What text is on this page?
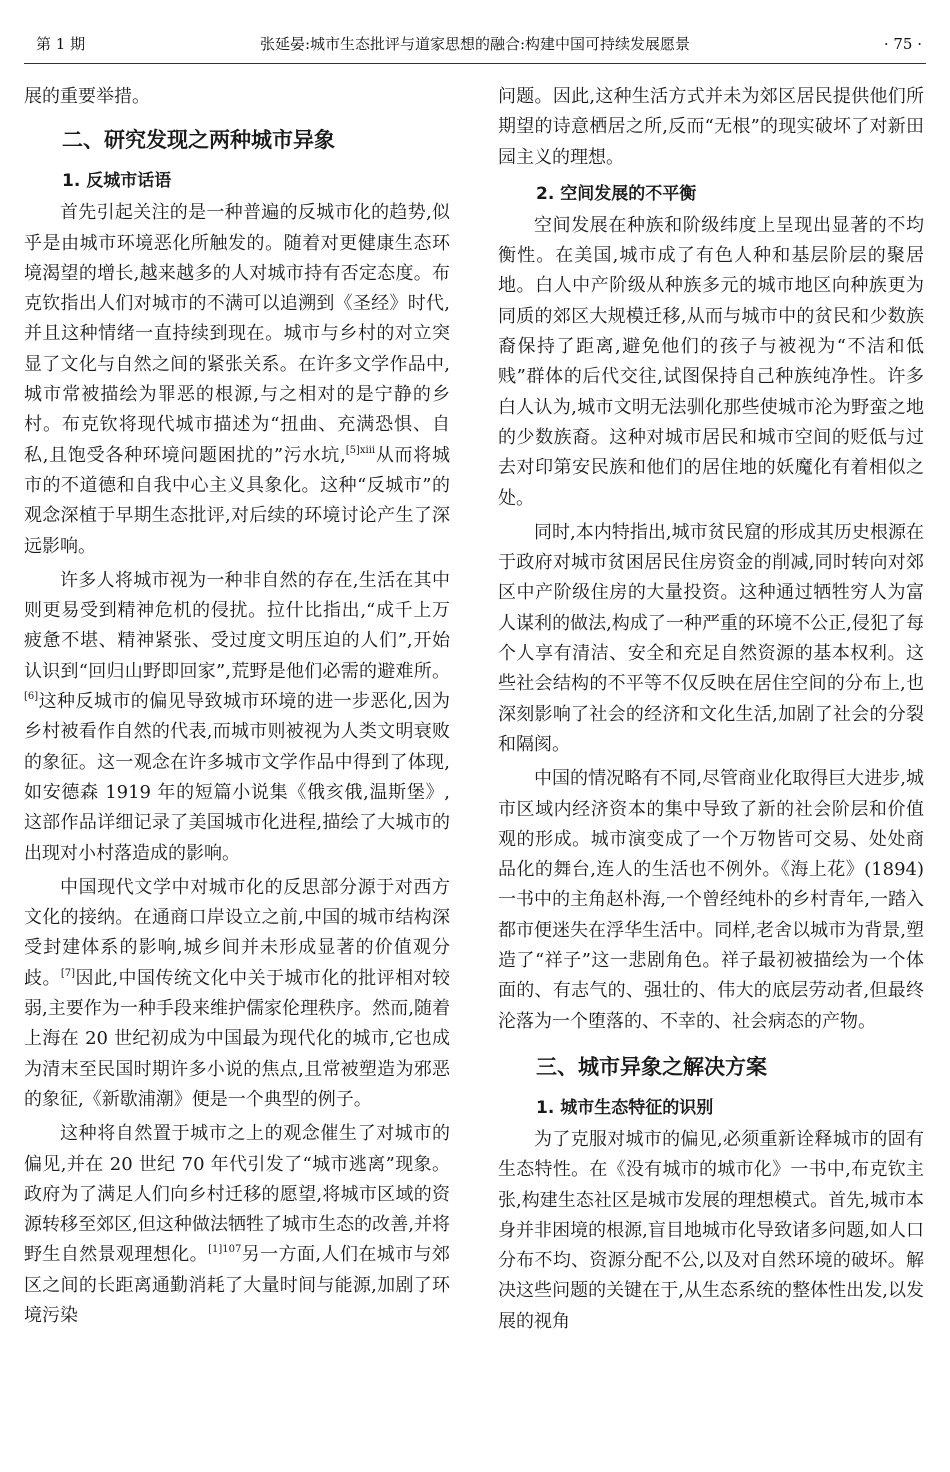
第 1 期	张延晏:城市生态批评与道家思想的融合:构建中国可持续发展愿景	· 75 ·

展的重要举措。

二、研究发现之两种城市异象
1. 反城市话语

首先引起关注的是一种普遍的反城市化的趋势,似乎是由城市环境恶化所触发的。随着对更健康生态环境渴望的增长,越来越多的人对城市持有否定态度。布克钦指出人们对城市的不满可以追溯到《圣经》时代,并且这种情绪一直持续到现在。城市与乡村的对立突显了文化与自然之间的紧张关系。在许多文学作品中,城市常被描绘为罪恶的根源,与之相对的是宁静的乡村。布克钦将现代城市描述为“扭曲、充满恐惧、自私,且饱受各种环境问题困扰的”污水坑,$^{[5]xiii}$从而将城市的不道德和自我中心主义具象化。这种“反城市”的观念深植于早期生态批评,对后续的环境讨论产生了深远影响。

许多人将城市视为一种非自然的存在,生活在其中则更易受到精神危机的侵扰。拉什比指出,“成千上万疲惫不堪、精神紧张、受过度文明压迫的人们”,开始认识到“回归山野即回家”,荒野是他们必需的避难所。[6]这种反城市的偏见导致城市环境的进一步恶化,因为乡村被看作自然的代表,而城市则被视为人类文明衰败的象征。这一观念在许多城市文学作品中得到了体现,如安德森 1919 年的短篇小说集《俄亥俄,温斯堡》,这部作品详细记录了美国城市化进程,描绘了大城市的出现对小村落造成的影响。

中国现代文学中对城市化的反思部分源于对西方文化的接纳。在通商口岸设立之前,中国的城市结构深受封建体系的影响,城乡间并未形成显著的价值观分歧。[7]因此,中国传统文化中关于城市化的批评相对较弱,主要作为一种手段来维护儒家伦理秩序。然而,随着上海在 20 世纪初成为中国最为现代化的城市,它也成为清末至民国时期许多小说的焦点,且常被塑造为邪恶的象征,《新歇浦潮》便是一个典型的例子。

这种将自然置于城市之上的观念催生了对城市的偏见,并在 20 世纪 70 年代引发了“城市逃离”现象。政府为了满足人们向乡村迁移的愿望,将城市区域的资源转移至郊区,但这种做法牺牲了城市生态的改善,并将野生自然景观理想化。$^{[1]107}$另一方面,人们在城市与郊区之间的长距离通勤消耗了大量时间与能源,加剧了环境污染

问题。因此,这种生活方式并未为郊区居民提供他们所期望的诗意栖居之所,反而“无根”的现实破坏了对新田园主义的理想。

2. 空间发展的不平衡

空间发展在种族和阶级纬度上呈现出显著的不均衡性。在美国,城市成了有色人种和基层阶层的聚居地。白人中产阶级从种族多元的城市地区向种族更为同质的郊区大规模迁移,从而与城市中的贫民和少数族裔保持了距离,避免他们的孩子与被视为“不洁和低贱”群体的后代交往,试图保持自己种族纯净性。许多白人认为,城市文明无法驯化那些使城市沦为野蛮之地的少数族裔。这种对城市居民和城市空间的贬低与过去对印第安民族和他们的居住地的妖魔化有着相似之处。

同时,本内特指出,城市贫民窟的形成其历史根源在于政府对城市贫困居民住房资金的削减,同时转向对郊区中产阶级住房的大量投资。这种通过牺牲穷人为富人谋利的做法,构成了一种严重的环境不公正,侵犯了每个人享有清洁、安全和充足自然资源的基本权利。这些社会结构的不平等不仅反映在居住空间的分布上,也深刻影响了社会的经济和文化生活,加剧了社会的分裂和隔阂。

中国的情况略有不同,尽管商业化取得巨大进步,城市区域内经济资本的集中导致了新的社会阶层和价值观的形成。城市演变成了一个万物皆可交易、处处商品化的舞台,连人的生活也不例外。《海上花》(1894)一书中的主角赵朴海,一个曾经纯朴的乡村青年,一踏入都市便迷失在浮华生活中。同样,老舍以城市为背景,塑造了“祥子”这一悲剧角色。祥子最初被描绘为一个体面的、有志气的、强壮的、伟大的底层劳动者,但最终沦落为一个堕落的、不幸的、社会病态的产物。

三、城市异象之解决方案
1. 城市生态特征的识别

为了克服对城市的偏见,必须重新诠释城市的固有生态特性。在《没有城市的城市化》一书中,布克钦主张,构建生态社区是城市发展的理想模式。首先,城市本身并非困境的根源,盲目地城市化导致诸多问题,如人口分布不均、资源分配不公,以及对自然环境的破坏。解决这些问题的关键在于,从生态系统的整体性出发,以发展的视角
